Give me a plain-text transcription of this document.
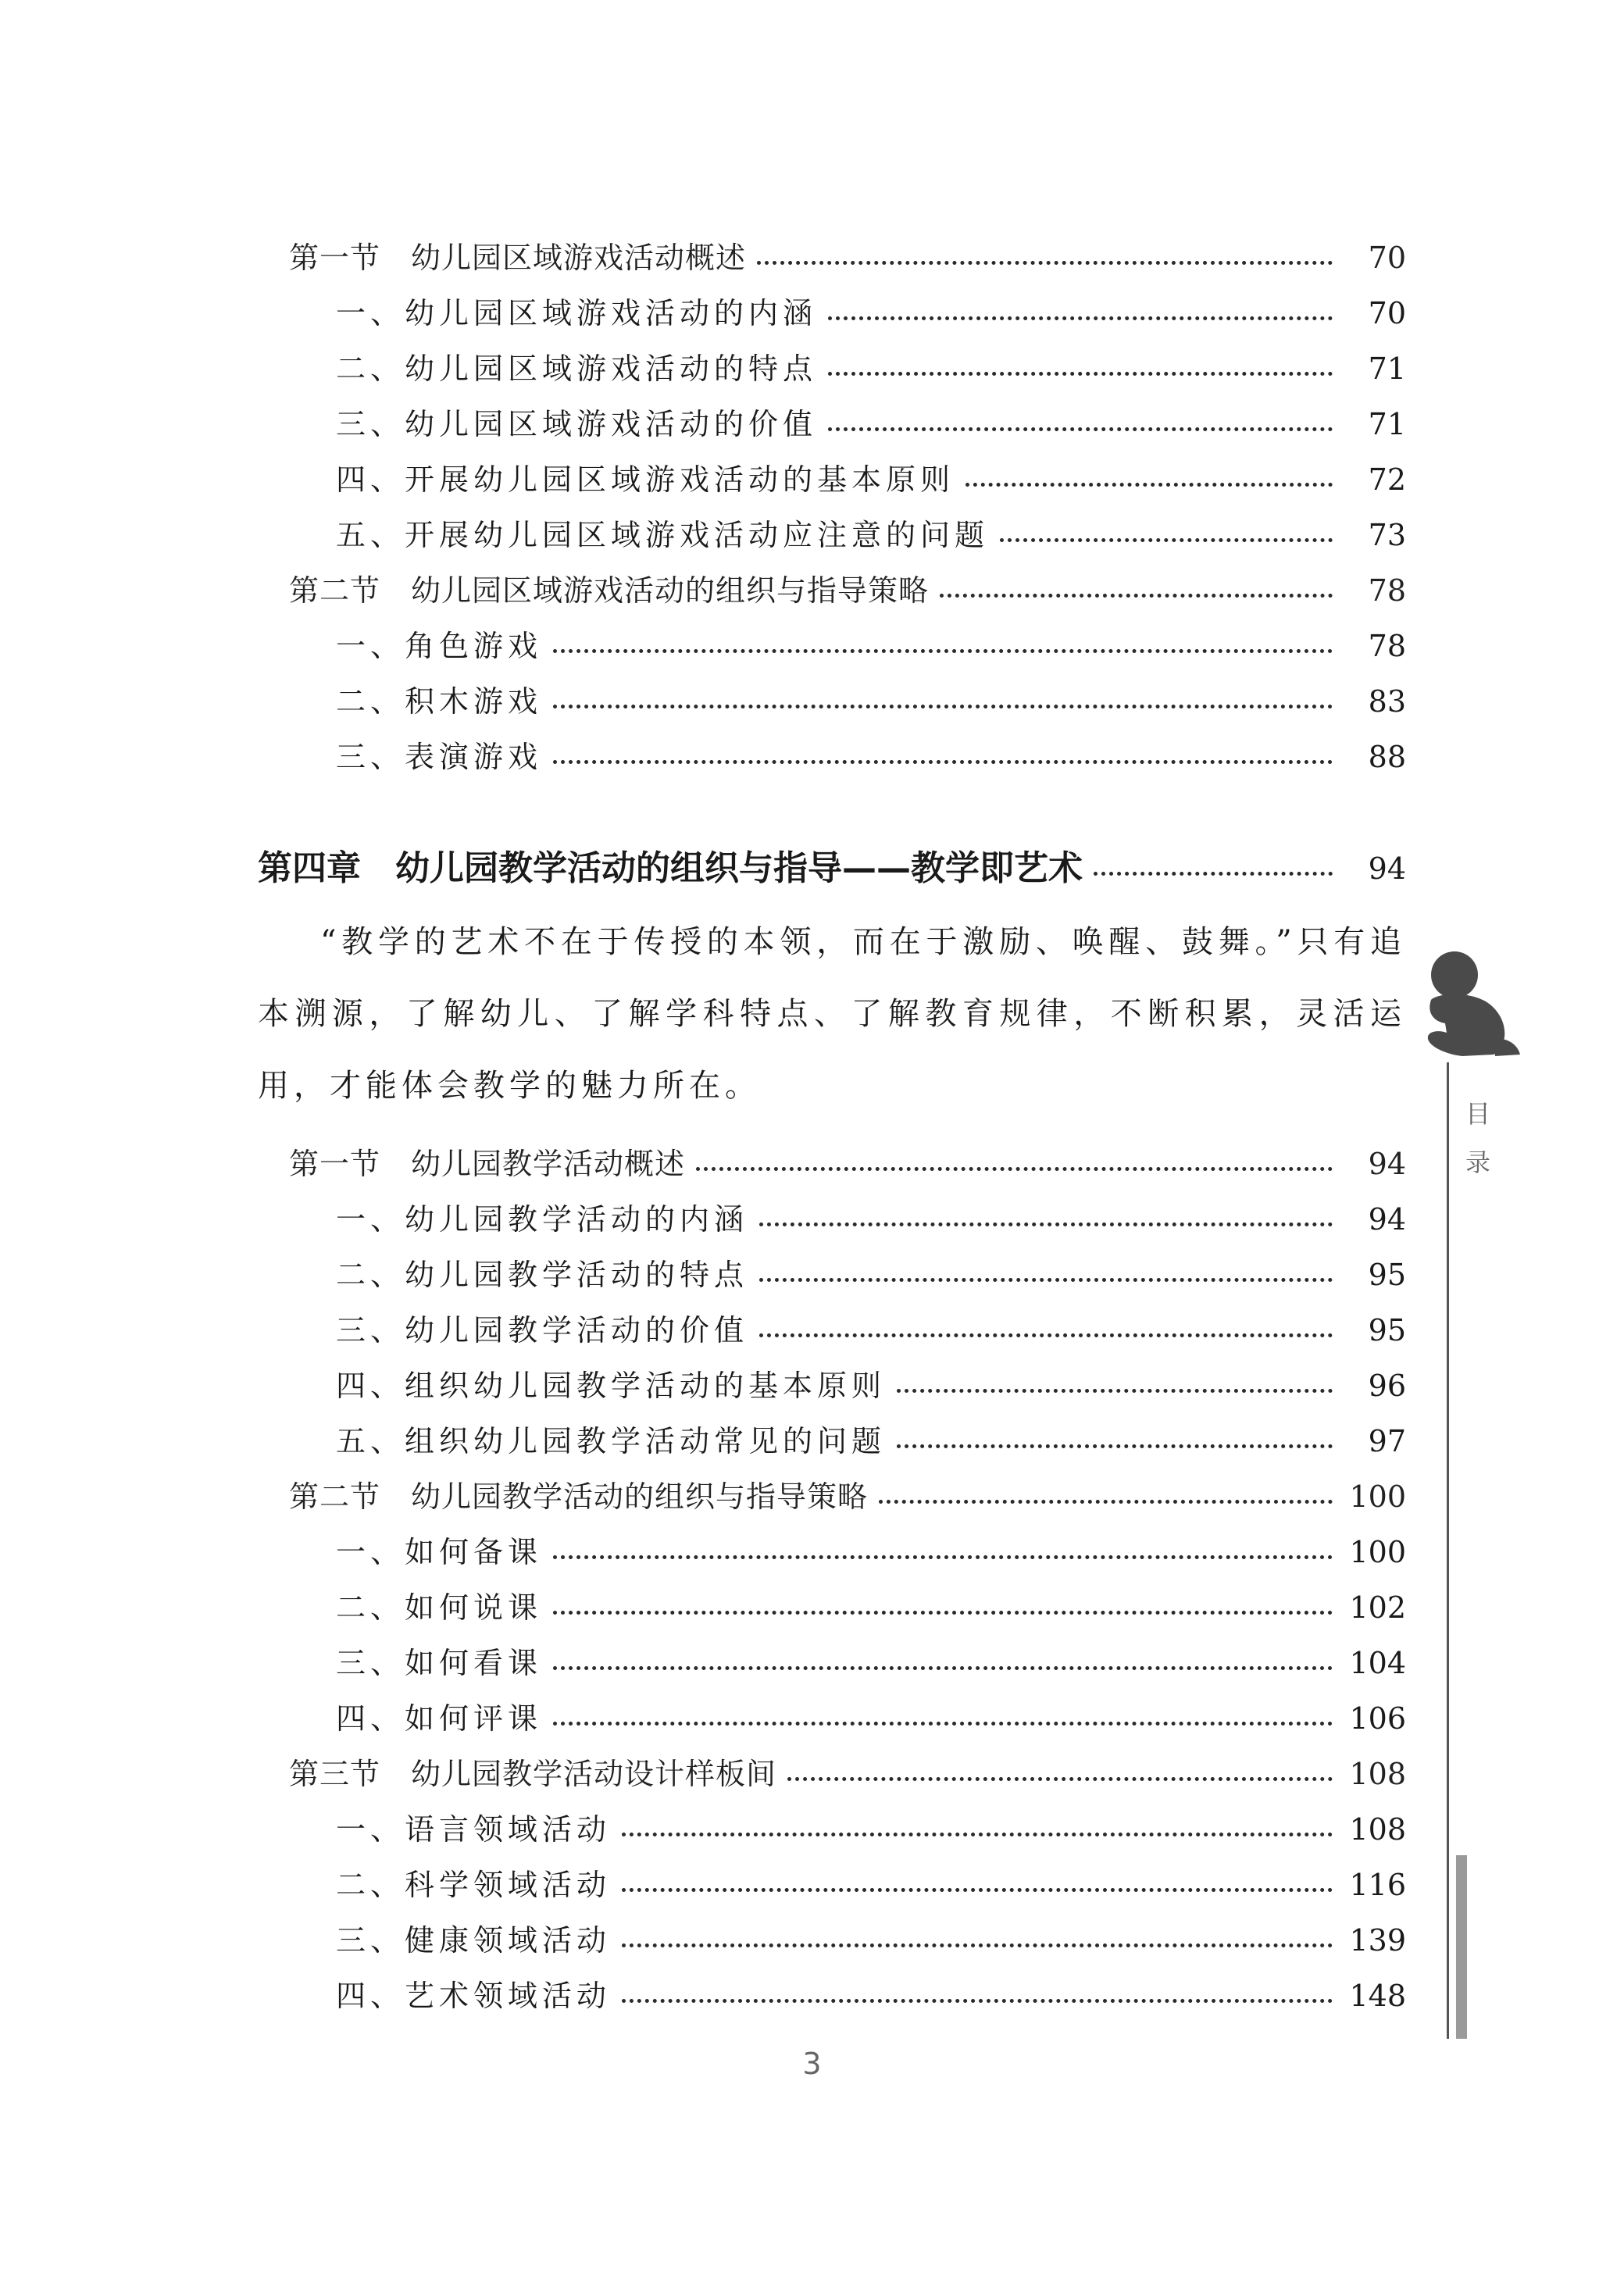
第一节　幼儿园区域游戏活动概述	70
一、幼儿园区域游戏活动的内涵	70
二、幼儿园区域游戏活动的特点	71
三、幼儿园区域游戏活动的价值	71
四、开展幼儿园区域游戏活动的基本原则	72
五、开展幼儿园区域游戏活动应注意的问题	73
第二节　幼儿园区域游戏活动的组织与指导策略	78
一、角色游戏	78
二、积木游戏	83
三、表演游戏	88
第四章　幼儿园教学活动的组织与指导——教学即艺术	94
第一节　幼儿园教学活动概述	94
一、幼儿园教学活动的内涵	94
二、幼儿园教学活动的特点	95
三、幼儿园教学活动的价值	95
四、组织幼儿园教学活动的基本原则	96
五、组织幼儿园教学活动常见的问题	97
第二节　幼儿园教学活动的组织与指导策略	100
一、如何备课	100
二、如何说课	102
三、如何看课	104
四、如何评课	106
第三节　幼儿园教学活动设计样板间	108
一、语言领域活动	108
二、科学领域活动	116
三、健康领域活动	139
四、艺术领域活动	148
“教学的艺术不在于传授的本领，而在于激励、唤醒、鼓舞。”只有追本溯源，了解幼儿、了解学科特点、了解教育规律，不断积累，灵活运用，才能体会教学的魅力所在。
目
录
3
